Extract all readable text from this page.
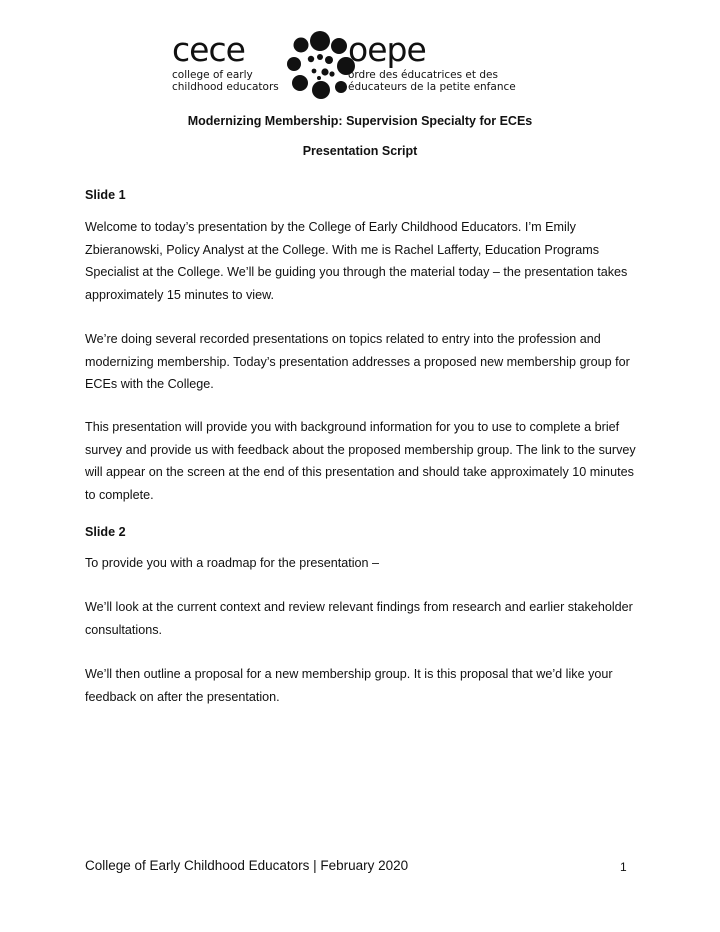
cece
college of early
childhood educators
oepe
ordre des éducatrices et des
éducateurs de la petite enfance
Modernizing Membership: Supervision Specialty for ECEs
Presentation Script

Slide 1

Welcome to today’s presentation by the College of Early Childhood Educators. I’m Emily Zbieranowski, Policy Analyst at the College. With me is Rachel Lafferty, Education Programs Specialist at the College. We’ll be guiding you through the material today – the presentation takes approximately 15 minutes to view.

We’re doing several recorded presentations on topics related to entry into the profession and modernizing membership. Today’s presentation addresses a proposed new membership group for ECEs with the College.

This presentation will provide you with background information for you to use to complete a brief survey and provide us with feedback about the proposed membership group. The link to the survey will appear on the screen at the end of this presentation and should take approximately 10 minutes to complete.

Slide 2

To provide you with a roadmap for the presentation –

We’ll look at the current context and review relevant findings from research and earlier stakeholder consultations.

We’ll then outline a proposal for a new membership group. It is this proposal that we’d like your feedback on after the presentation.

College of Early Childhood Educators | February 2020	1
